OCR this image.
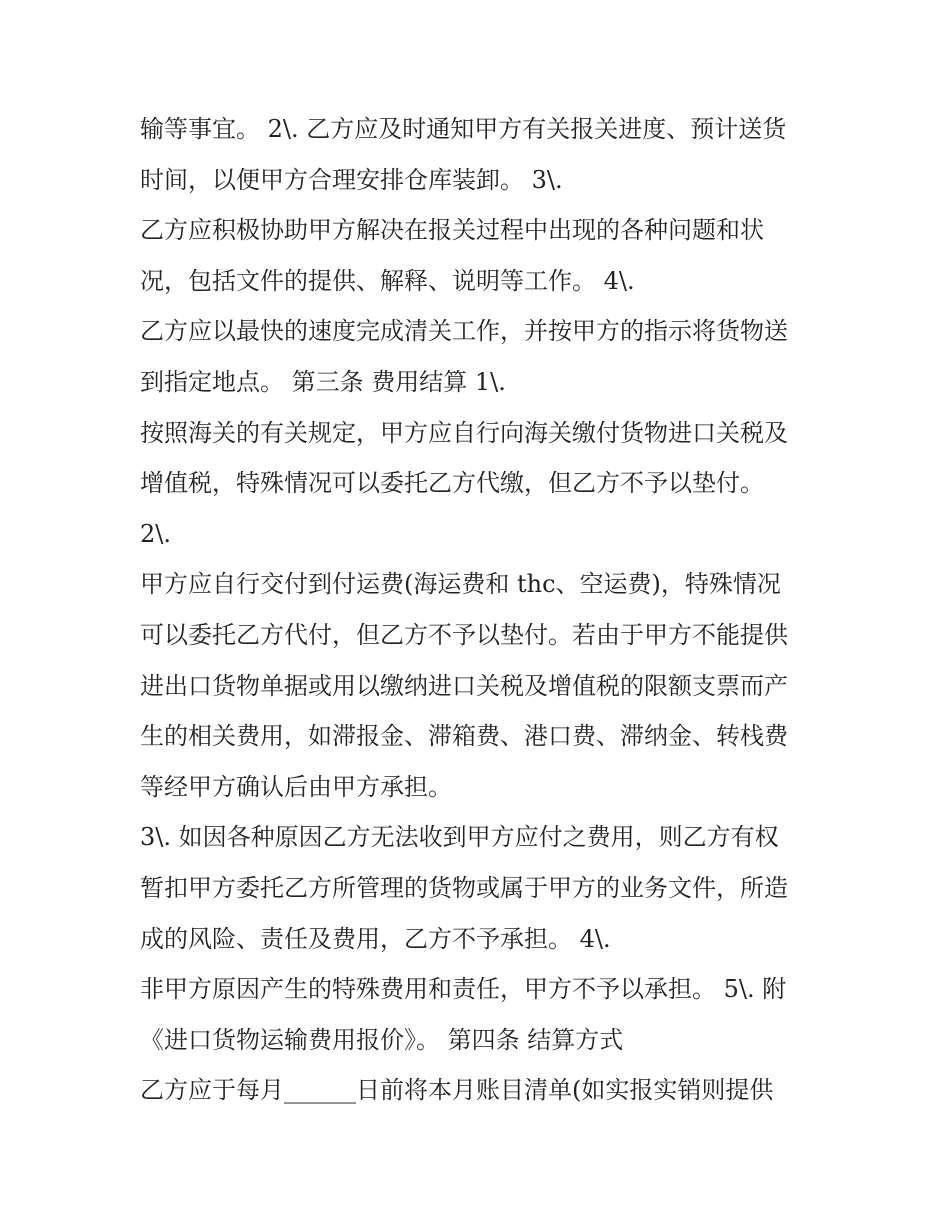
输等事宜。 2\. 乙方应及时通知甲方有关报关进度、预计送货
时间，以便甲方合理安排仓库装卸。 3\.
乙方应积极协助甲方解决在报关过程中出现的各种问题和状
况，包括文件的提供、解释、说明等工作。 4\.
乙方应以最快的速度完成清关工作，并按甲方的指示将货物送
到指定地点。 第三条 费用结算 1\.
按照海关的有关规定，甲方应自行向海关缴付货物进口关税及
增值税，特殊情况可以委托乙方代缴，但乙方不予以垫付。
2\.
甲方应自行交付到付运费(海运费和 thc、空运费)，特殊情况
可以委托乙方代付，但乙方不予以垫付。若由于甲方不能提供
进出口货物单据或用以缴纳进口关税及增值税的限额支票而产
生的相关费用，如滞报金、滞箱费、港口费、滞纳金、转栈费
等经甲方确认后由甲方承担。
3\. 如因各种原因乙方无法收到甲方应付之费用，则乙方有权
暂扣甲方委托乙方所管理的货物或属于甲方的业务文件，所造
成的风险、责任及费用，乙方不予承担。 4\.
非甲方原因产生的特殊费用和责任，甲方不予以承担。 5\. 附
《进口货物运输费用报价》。 第四条 结算方式
乙方应于每月______日前将本月账目清单(如实报实销则提供
